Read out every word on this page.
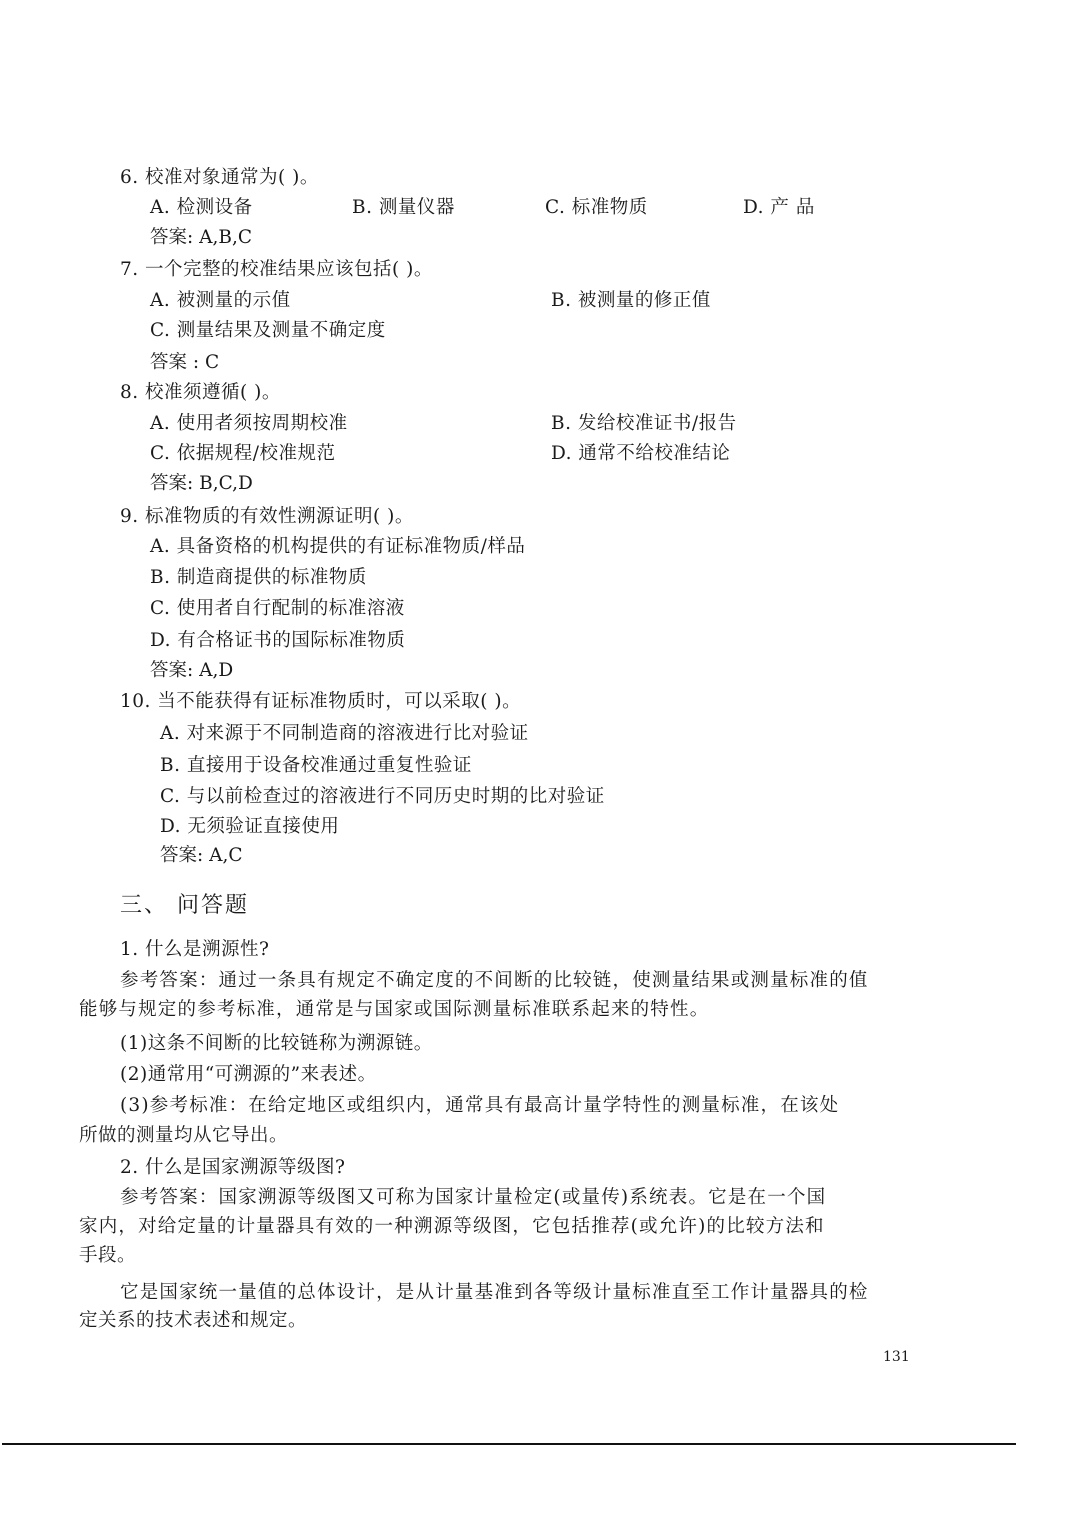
6. 校准对象通常为( )。
A. 检测设备	B. 测量仪器	C. 标准物质	D. 产 品
答案: A,B,C
7. 一个完整的校准结果应该包括( )。
A. 被测量的示值	B. 被测量的修正值
C. 测量结果及测量不确定度
答案 : C
8. 校准须遵循( )。
A. 使用者须按周期校准	B. 发给校准证书/报告
C. 依据规程/校准规范	D. 通常不给校准结论
答案: B,C,D
9. 标准物质的有效性溯源证明( )。
A. 具备资格的机构提供的有证标准物质/样品
B. 制造商提供的标准物质
C. 使用者自行配制的标准溶液
D. 有合格证书的国际标准物质
答案: A,D
10. 当不能获得有证标准物质时，可以采取( )。
A. 对来源于不同制造商的溶液进行比对验证
B. 直接用于设备校准通过重复性验证
C. 与以前检查过的溶液进行不同历史时期的比对验证
D. 无须验证直接使用
答案: A,C
三、 问答题
1. 什么是溯源性?
参考答案：通过一条具有规定不确定度的不间断的比较链，使测量结果或测量标准的值
能够与规定的参考标准，通常是与国家或国际测量标准联系起来的特性。
(1)这条不间断的比较链称为溯源链。
(2)通常用“可溯源的”来表述。
(3)参考标准：在给定地区或组织内，通常具有最高计量学特性的测量标准，在该处
所做的测量均从它导出。
2. 什么是国家溯源等级图?
参考答案：国家溯源等级图又可称为国家计量检定(或量传)系统表。它是在一个国
家内，对给定量的计量器具有效的一种溯源等级图，它包括推荐(或允许)的比较方法和
手段。
它是国家统一量值的总体设计，是从计量基准到各等级计量标准直至工作计量器具的检
定关系的技术表述和规定。
131
